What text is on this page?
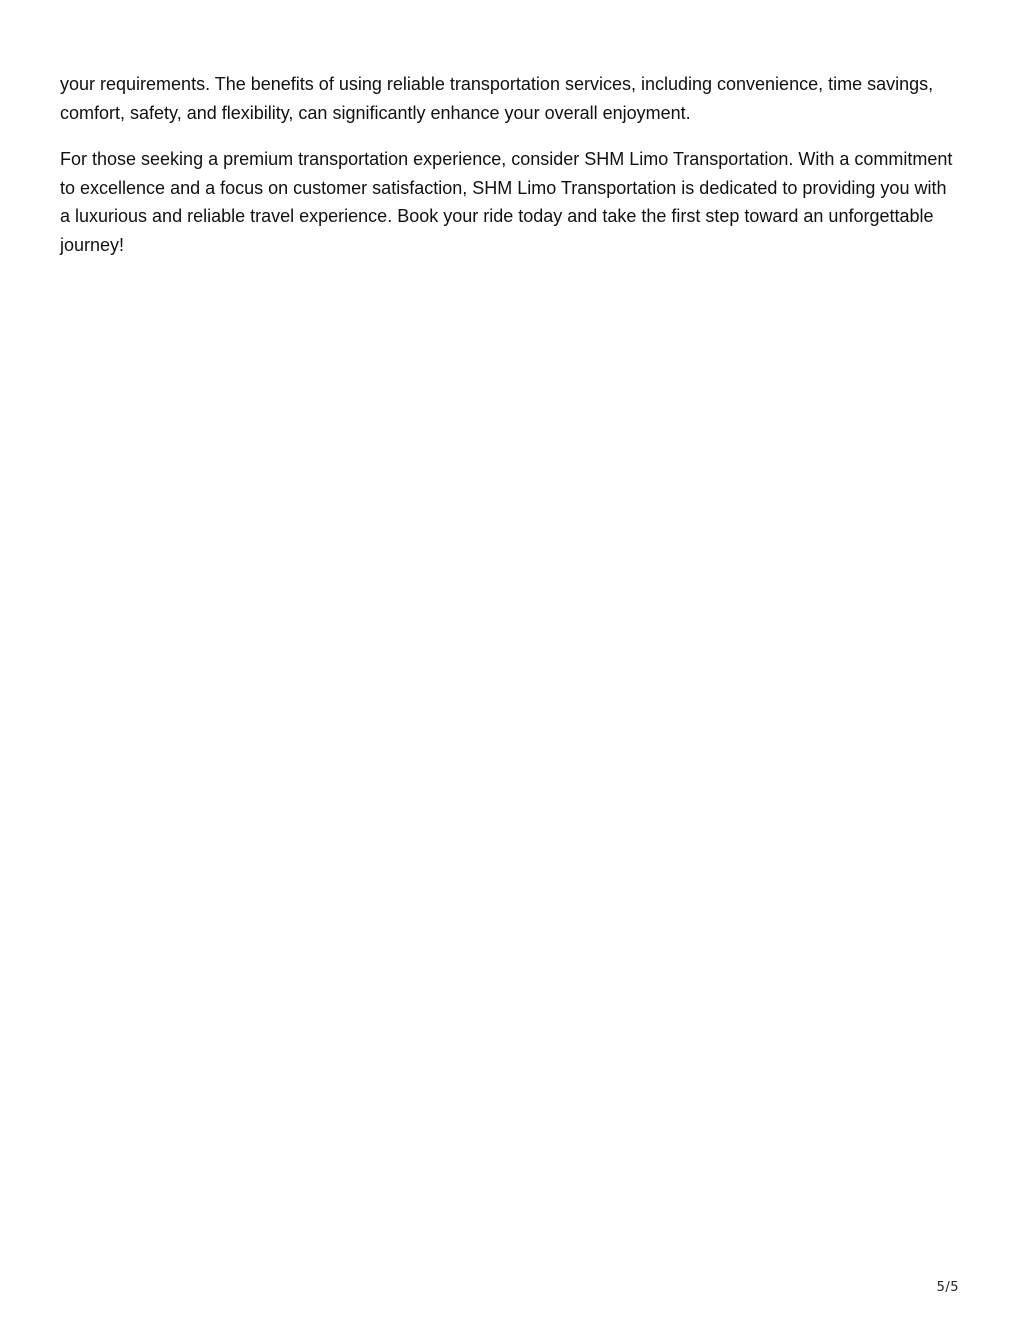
your requirements. The benefits of using reliable transportation services, including convenience, time savings, comfort, safety, and flexibility, can significantly enhance your overall enjoyment.

For those seeking a premium transportation experience, consider SHM Limo Transportation. With a commitment to excellence and a focus on customer satisfaction, SHM Limo Transportation is dedicated to providing you with a luxurious and reliable travel experience. Book your ride today and take the first step toward an unforgettable journey!

5/5
